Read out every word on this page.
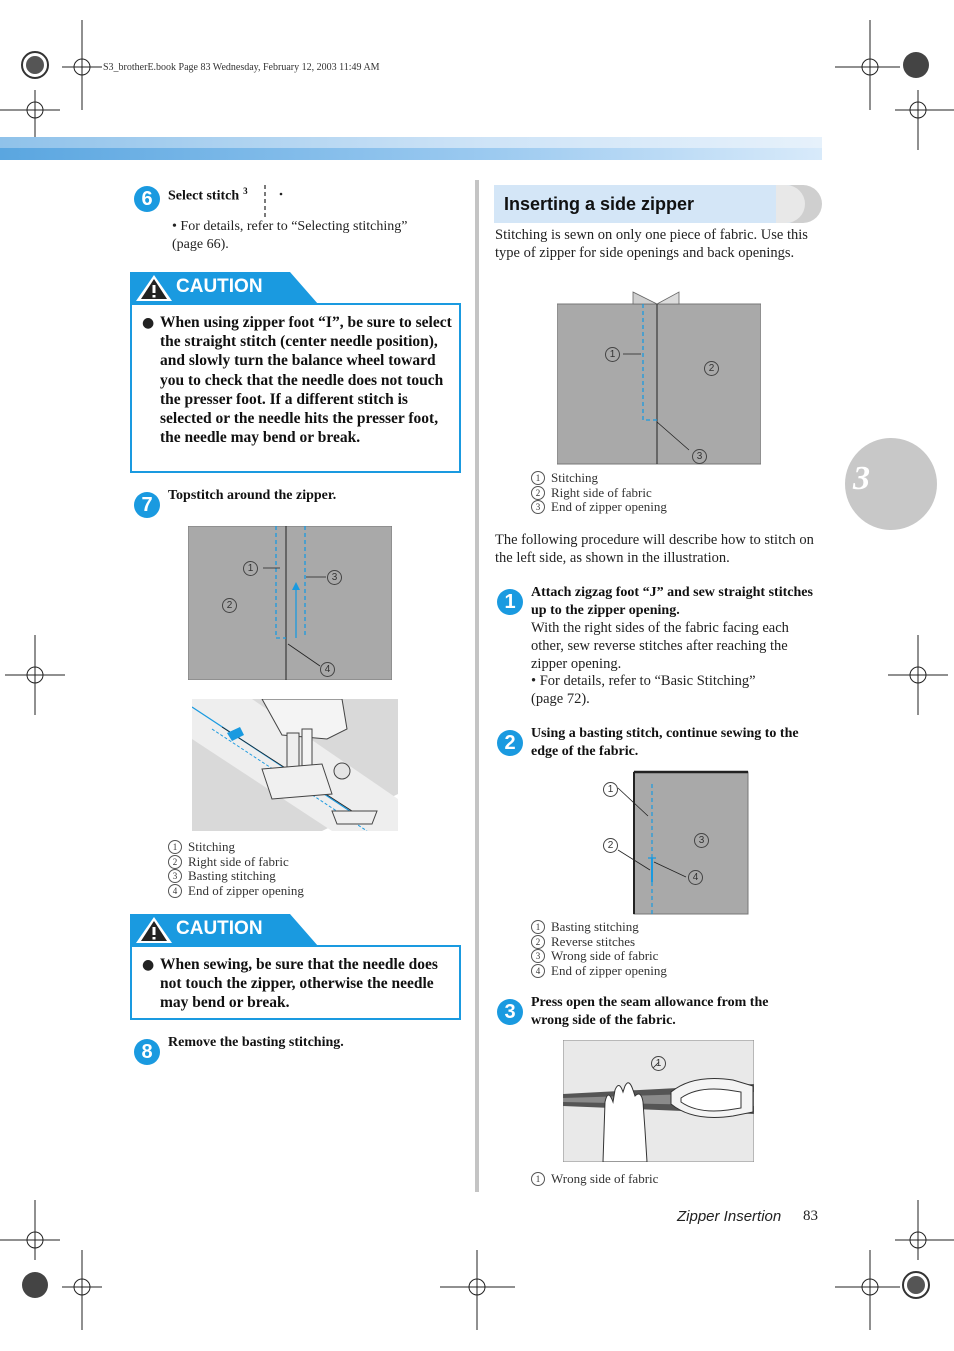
S3_brotherE.book Page 83 Wednesday, February 12, 2003 11:49 AM
3
6	Select stitch $^3$
• For details, refer to “Selecting stitching” (page 66).
CAUTION
● When using zipper foot “I”, be sure to select the straight stitch (center needle position), and slowly turn the balance wheel toward you to check that the needle does not touch the presser foot. If a different stitch is selected or the needle hits the presser foot, the needle may bend or break.
7	Topstitch around the zipper.
1
2
3
4
1 Stitching
2 Right side of fabric
3 Basting stitching
4 End of zipper opening
CAUTION
● When sewing, be sure that the needle does not touch the zipper, otherwise the needle may bend or break.
8	Remove the basting stitching.
Inserting a side zipper
Stitching is sewn on only one piece of fabric. Use this type of zipper for side openings and back openings.
1
2
3
1 Stitching
2 Right side of fabric
3 End of zipper opening
The following procedure will describe how to stitch on the left side, as shown in the illustration.
1	Attach zigzag foot “J” and sew straight stitches up to the zipper opening.
With the right sides of the fabric facing each other, sew reverse stitches after reaching the zipper opening.
• For details, refer to “Basic Stitching” (page 72).
2	Using a basting stitch, continue sewing to the edge of the fabric.
1
2	3
4
1 Basting stitching
2 Reverse stitches
3 Wrong side of fabric
4 End of zipper opening
3	Press open the seam allowance from the wrong side of the fabric.
1
1 Wrong side of fabric
Zipper Insertion 83
